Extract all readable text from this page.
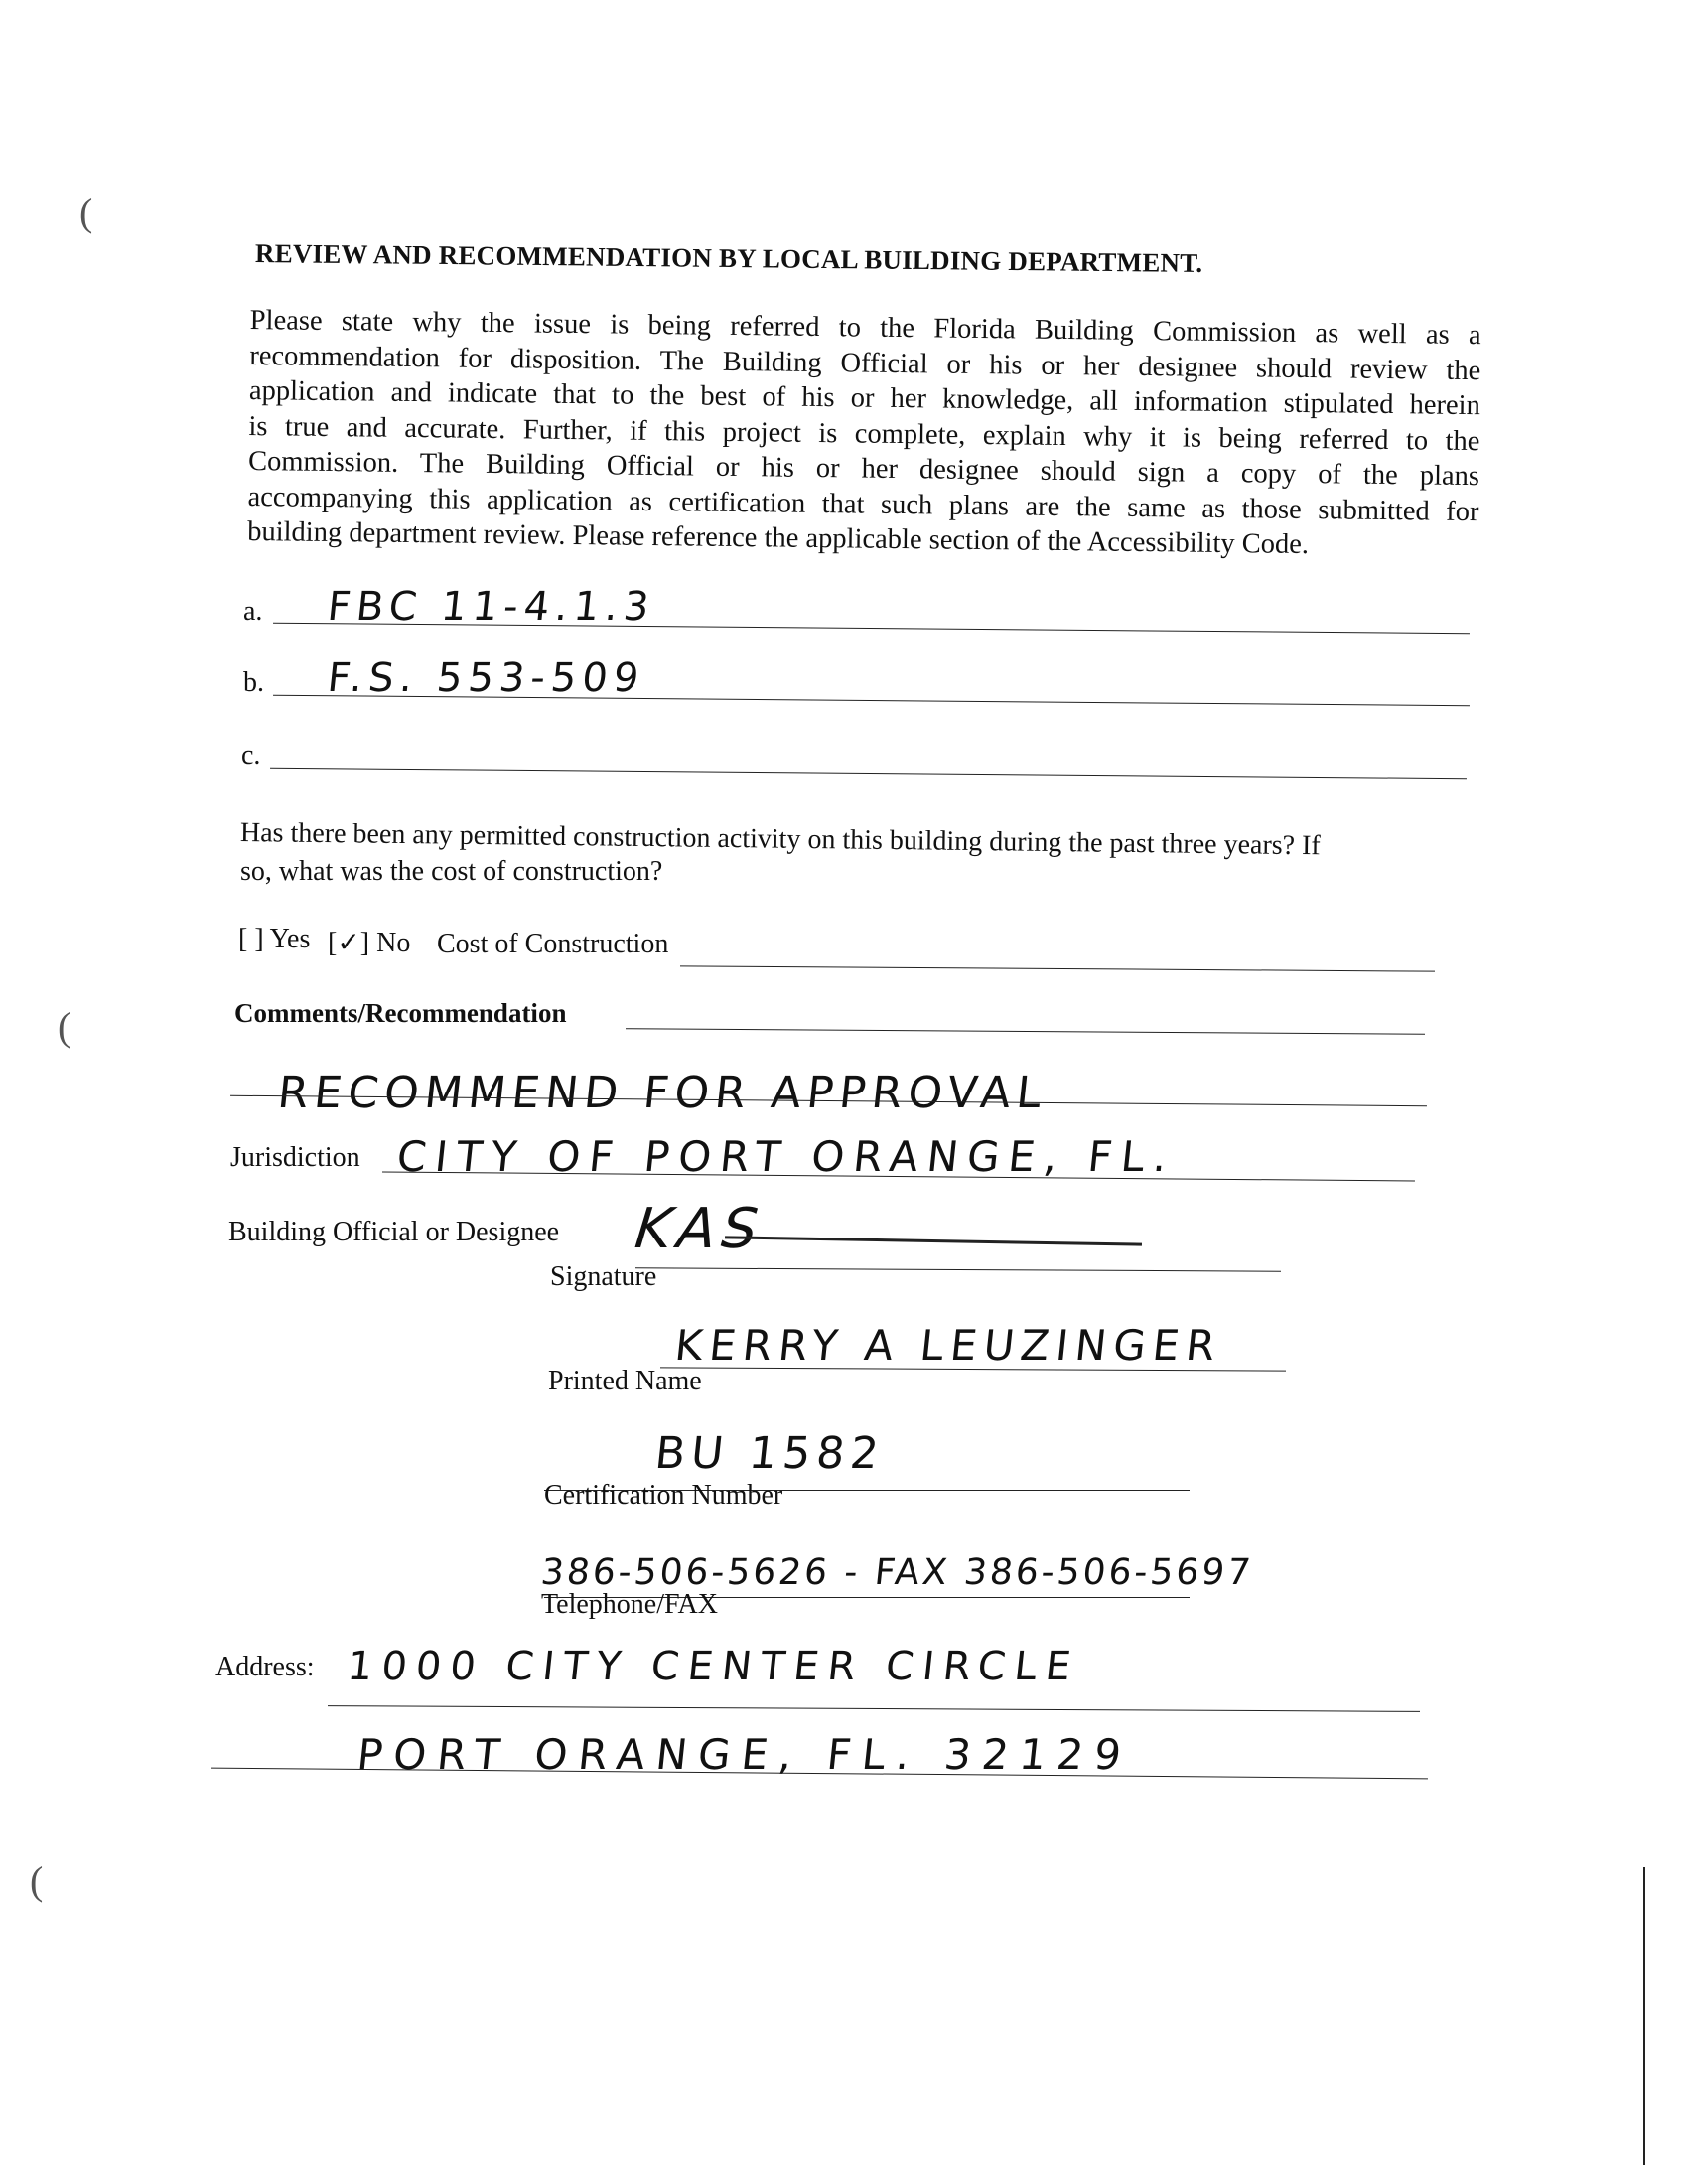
(
(
(
REVIEW AND RECOMMENDATION BY LOCAL BUILDING DEPARTMENT.
Please state why the issue is being referred to the Florida Building Commission as well as a
recommendation for disposition. The Building Official or his or her designee should review the
application and indicate that to the best of his or her knowledge, all information stipulated herein
is true and accurate. Further, if this project is complete, explain why it is being referred to the
Commission. The Building Official or his or her designee should sign a copy of the plans
accompanying this application as certification that such plans are the same as those submitted for
building department review. Please reference the applicable section of the Accessibility Code.
a. FBC 11-4.1.3
b. F.S. 553-509
c.
Has there been any permitted construction activity on this building during the past three years? If
so, what was the cost of construction?
[ ] Yes [✓] No Cost of Construction
Comments/Recommendation
RECOMMEND FOR APPROVAL
Jurisdiction CITY OF PORT ORANGE, FL.
Building Official or Designee KAS
Signature
KERRY A LEUZINGER
Printed Name
BU 1582
Certification Number
386-506-5626 - FAX 386-506-5697
Telephone/FAX
Address: 1000 CITY CENTER CIRCLE
PORT ORANGE, FL. 32129
